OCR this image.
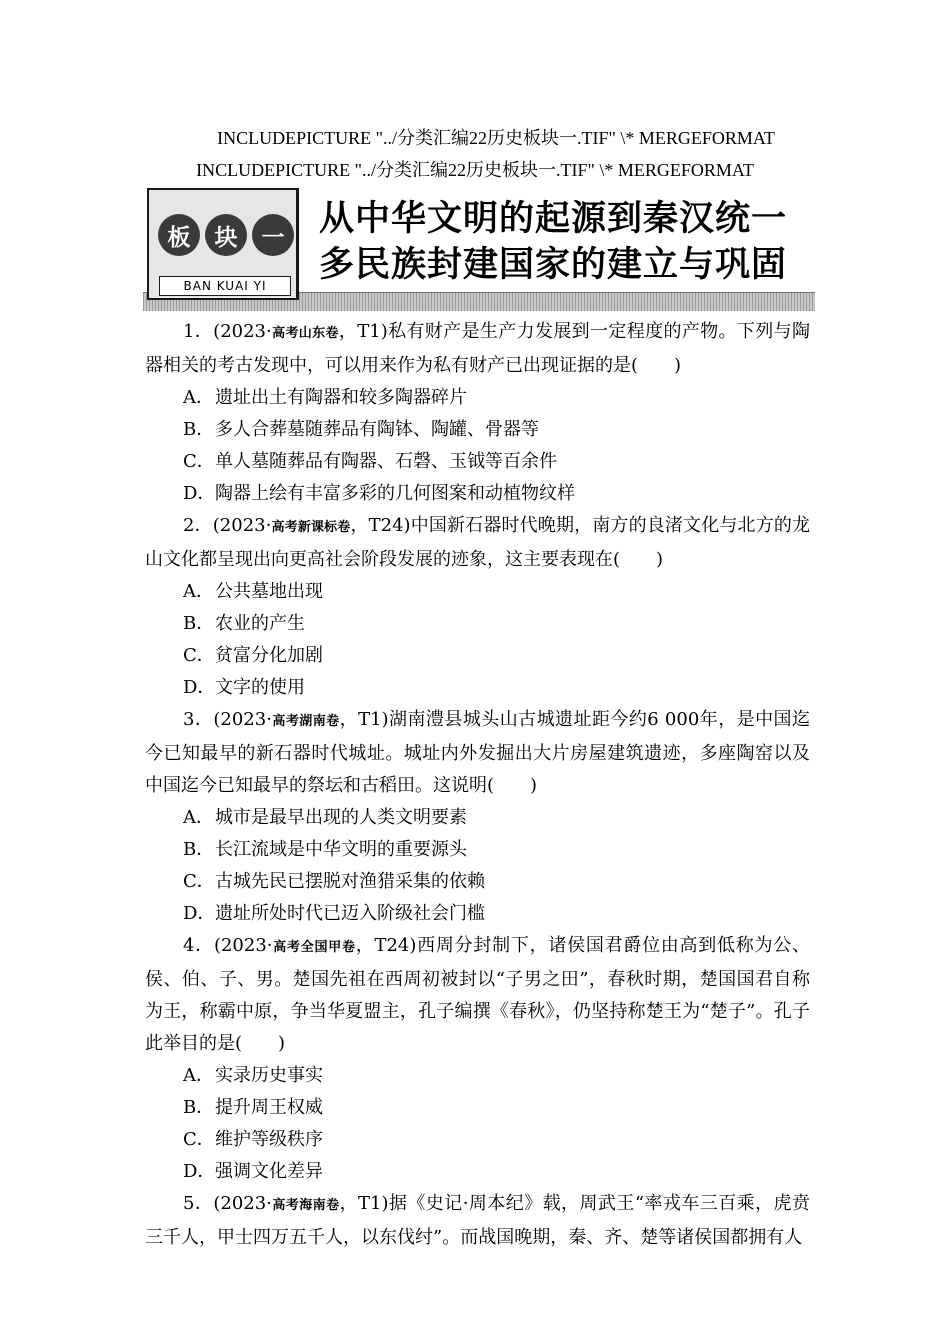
INCLUDEPICTURE "../分类汇编22历史板块一.TIF" \* MERGEFORMAT
INCLUDEPICTURE "../分类汇编22历史板块一.TIF" \* MERGEFORMAT
板	块	一
BAN KUAI YI
从中华文明的起源到秦汉统一
多民族封建国家的建立与巩固

1．(2023·高考山东卷，T1)私有财产是生产力发展到一定程度的产物。下列与陶器相关的考古发现中，可以用来作为私有财产已出现证据的是(　　)

A．遗址出土有陶器和较多陶器碎片

B．多人合葬墓随葬品有陶钵、陶罐、骨器等

C．单人墓随葬品有陶器、石磬、玉钺等百余件

D．陶器上绘有丰富多彩的几何图案和动植物纹样

2．(2023·高考新课标卷，T24)中国新石器时代晚期，南方的良渚文化与北方的龙山文化都呈现出向更高社会阶段发展的迹象，这主要表现在(　　)

A．公共墓地出现

B．农业的产生

C．贫富分化加剧

D．文字的使用

3．(2023·高考湖南卷，T1)湖南澧县城头山古城遗址距今约6 000年，是中国迄今已知最早的新石器时代城址。城址内外发掘出大片房屋建筑遗迹，多座陶窑以及中国迄今已知最早的祭坛和古稻田。这说明(　　)

A．城市是最早出现的人类文明要素

B．长江流域是中华文明的重要源头

C．古城先民已摆脱对渔猎采集的依赖

D．遗址所处时代已迈入阶级社会门槛

4．(2023·高考全国甲卷，T24)西周分封制下，诸侯国君爵位由高到低称为公、侯、伯、子、男。楚国先祖在西周初被封以“子男之田”，春秋时期，楚国国君自称为王，称霸中原，争当华夏盟主，孔子编撰《春秋》，仍坚持称楚王为“楚子”。孔子此举目的是(　　)

A．实录历史事实

B．提升周王权威

C．维护等级秩序

D．强调文化差异

5．(2023·高考海南卷，T1)据《史记·周本纪》载，周武王“率戎车三百乘，虎贲三千人，甲士四万五千人，以东伐纣”。而战国晚期，秦、齐、楚等诸侯国都拥有人
